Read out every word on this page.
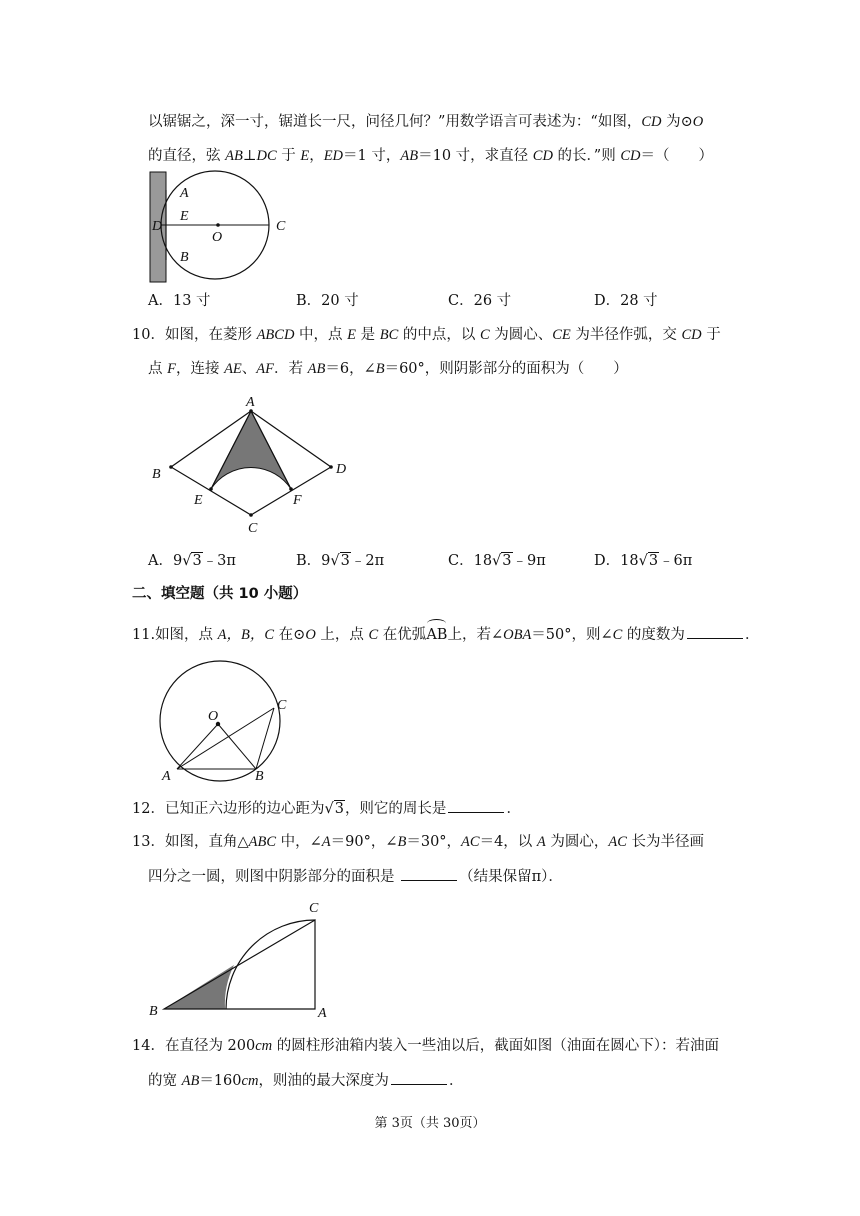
以锯锯之，深一寸，锯道长一尺，问径几何？”用数学语言可表述为：“如图，CD 为⊙O
的直径，弦 AB⊥DC 于 E，ED＝1 寸，AB＝10 寸，求直径 CD 的长．”则 CD＝（　　）
A
E
D
O
C
B
A．13 寸	B．20 寸	C．26 寸	D．28 寸
10．如图，在菱形 ABCD 中，点 E 是 BC 的中点，以 C 为圆心、CE 为半径作弧，交 CD 于
点 F，连接 AE、AF．若 AB＝6，∠B＝60°，则阴影部分的面积为（　　）
A
B
C
D
E	F
A．9√3﹣3π	B．9√3﹣2π	C．18√3﹣9π	D．18√3﹣6π
二、填空题（共 10 小题）
11.如图，点 A，B，C 在⊙O 上，点 C 在优弧AB上，若∠OBA＝50°，则∠C 的度数为	．
O
C
A	B
12．已知正六边形的边心距为√3，则它的周长是	．
13．如图，直角△ABC 中，∠A＝90°，∠B＝30°，AC＝4，以 A 为圆心，AC 长为半径画
四分之一圆，则图中阴影部分的面积是	（结果保留π）．
C
B	A
14．在直径为 200cm 的圆柱形油箱内装入一些油以后，截面如图（油面在圆心下）：若油面
的宽 AB＝160cm，则油的最大深度为	．
第 3页（共 30页）
